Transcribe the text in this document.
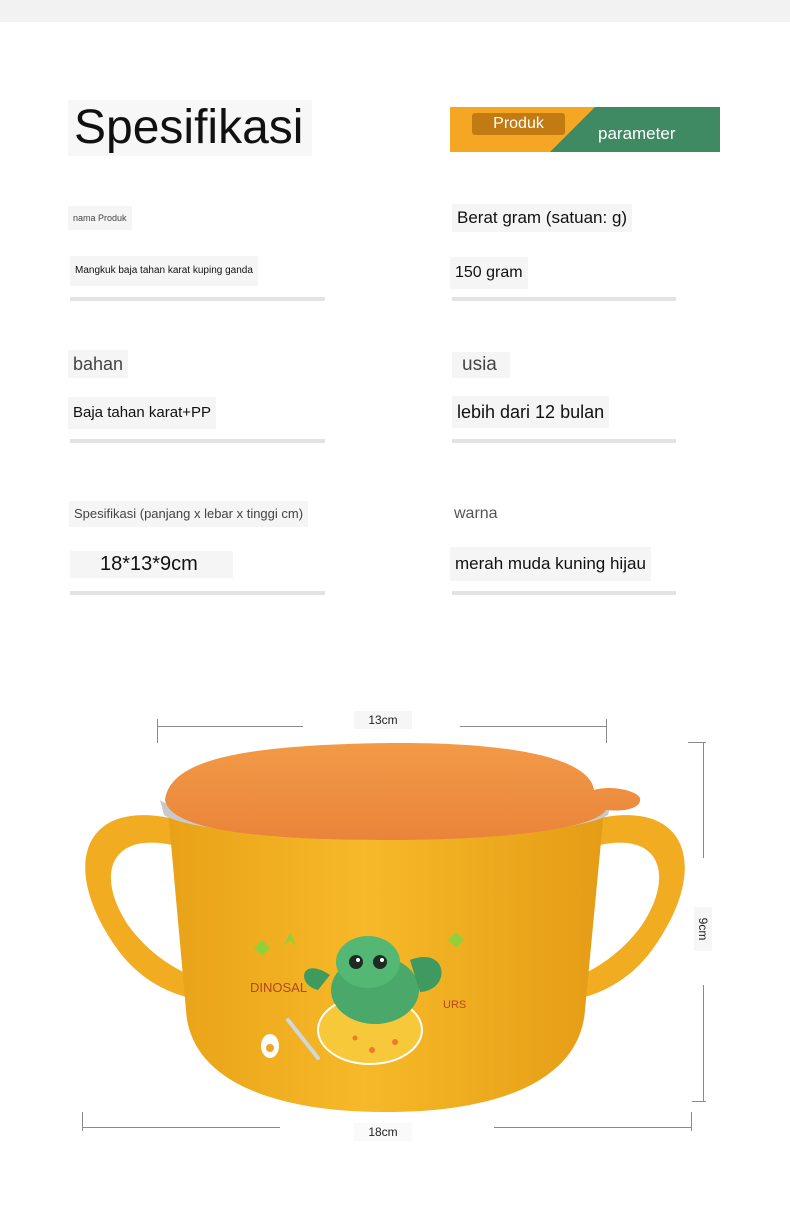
Spesifikasi	Produk
parameter
nama Produk
Mangkuk baja tahan karat kuping ganda
bahan
Baja tahan karat+PP
Spesifikasi (panjang x lebar x tinggi cm)
18*13*9cm
Berat gram (satuan: g)
150 gram
usia
lebih dari 12 bulan
warna
merah muda kuning hijau
13cm
9cm
18cm
DINOSAL
URS
